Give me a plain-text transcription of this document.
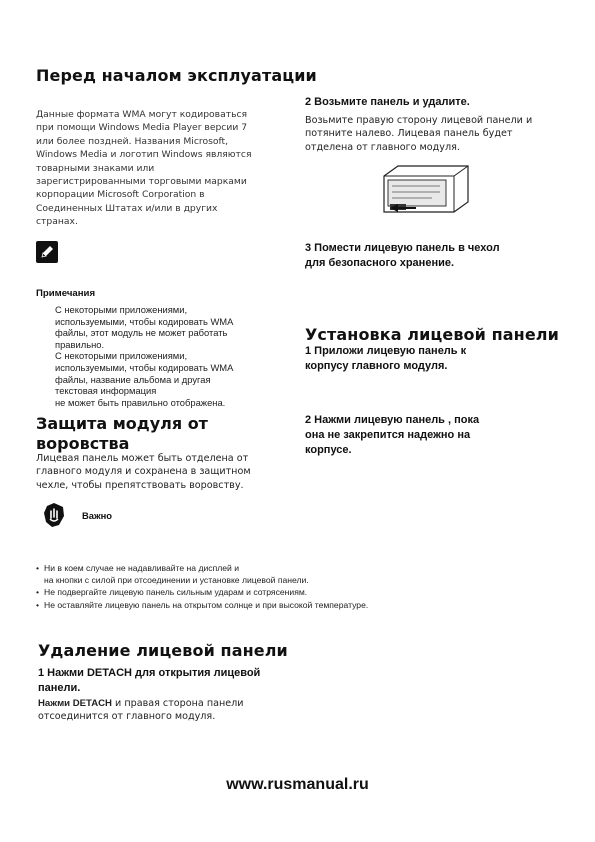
Перед началом эксплуатации
Данные формата WMA могут кодироваться
при помощи Windows Media Player версии 7
или более поздней. Названия Microsoft,
Windows Media и логотип Windows являются
товарными знаками или
зарегистрированными торговыми марками
корпорации Microsoft Corporation в
Соединенных Штатах и/или в других
странах.
Примечания
С некоторыми приложениями,
используемыми, чтобы кодировать WMA
файлы, этот модуль не может работать
правильно.
С некоторыми приложениями,
используемыми, чтобы кодировать WMA
файлы, название альбома и другая
текстовая информация
не может быть правильно отображена.
Защита модуля от
воровства
Лицевая панель может быть отделена от
главного модуля и сохранена в защитном
чехле, чтобы препятствовать воровству.
Важно
• Ни в коем случае не надавливайте на дисплей и
на кнопки с силой при отсоединении и установке лицевой панели.
• Не подвергайте лицевую панель сильным ударам и сотрясениям.
• Не оставляйте лицевую панель на открытом солнце и при высокой температуре.
Удаление лицевой панели
1 Нажми DETACH для открытия лицевой
панели.
Нажми DETACH и правая сторона панели
отсоединится от главного модуля.
2 Возьмите панель и удалите.
Возьмите правую сторону лицевой панели и
потяните налево. Лицевая панель будет
отделена от главного модуля.
3 Помести лицевую панель в чехол
для безопасного хранение.
Установка лицевой панели
1 Приложи лицевую панель к
корпусу главного модуля.
2 Нажми лицевую панель , пока
она не закрепится надежно на
корпусе.
www.rusmanual.ru
